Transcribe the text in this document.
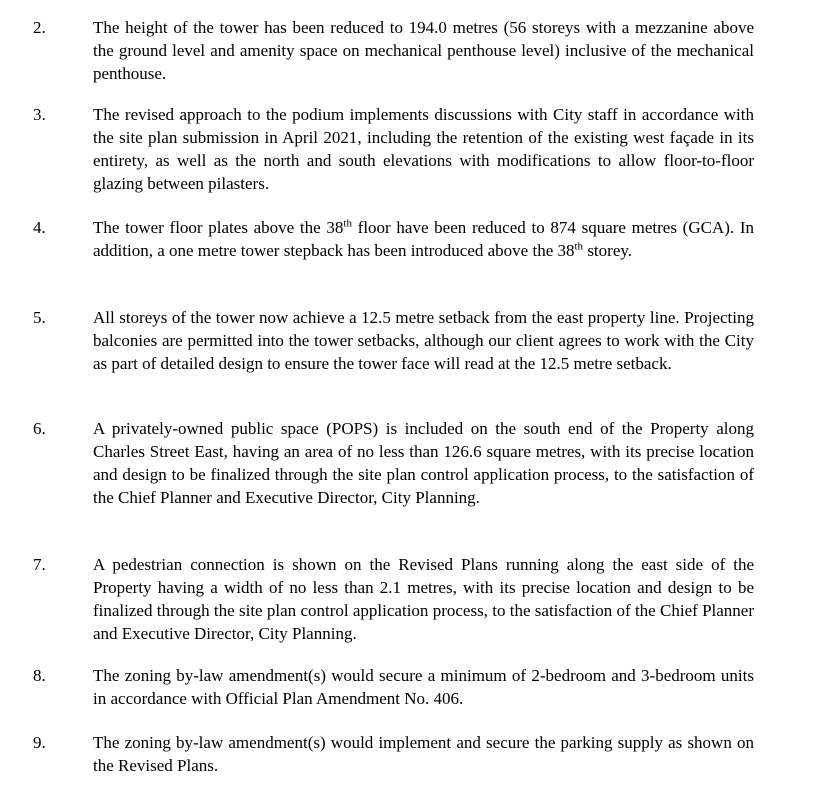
2.	The height of the tower has been reduced to 194.0 metres (56 storeys with a mezzanine above the ground level and amenity space on mechanical penthouse level) inclusive of the mechanical penthouse.
3.	The revised approach to the podium implements discussions with City staff in accordance with the site plan submission in April 2021, including the retention of the existing west façade in its entirety, as well as the north and south elevations with modifications to allow floor-to-floor glazing between pilasters.
4.	The tower floor plates above the 38th floor have been reduced to 874 square metres (GCA). In addition, a one metre tower stepback has been introduced above the 38th storey.
5.	All storeys of the tower now achieve a 12.5 metre setback from the east property line. Projecting balconies are permitted into the tower setbacks, although our client agrees to work with the City as part of detailed design to ensure the tower face will read at the 12.5 metre setback.
6.	A privately-owned public space (POPS) is included on the south end of the Property along Charles Street East, having an area of no less than 126.6 square metres, with its precise location and design to be finalized through the site plan control application process, to the satisfaction of the Chief Planner and Executive Director, City Planning.
7.	A pedestrian connection is shown on the Revised Plans running along the east side of the Property having a width of no less than 2.1 metres, with its precise location and design to be finalized through the site plan control application process, to the satisfaction of the Chief Planner and Executive Director, City Planning.
8.	The zoning by-law amendment(s) would secure a minimum of 2-bedroom and 3-bedroom units in accordance with Official Plan Amendment No. 406.
9.	The zoning by-law amendment(s) would implement and secure the parking supply as shown on the Revised Plans.
